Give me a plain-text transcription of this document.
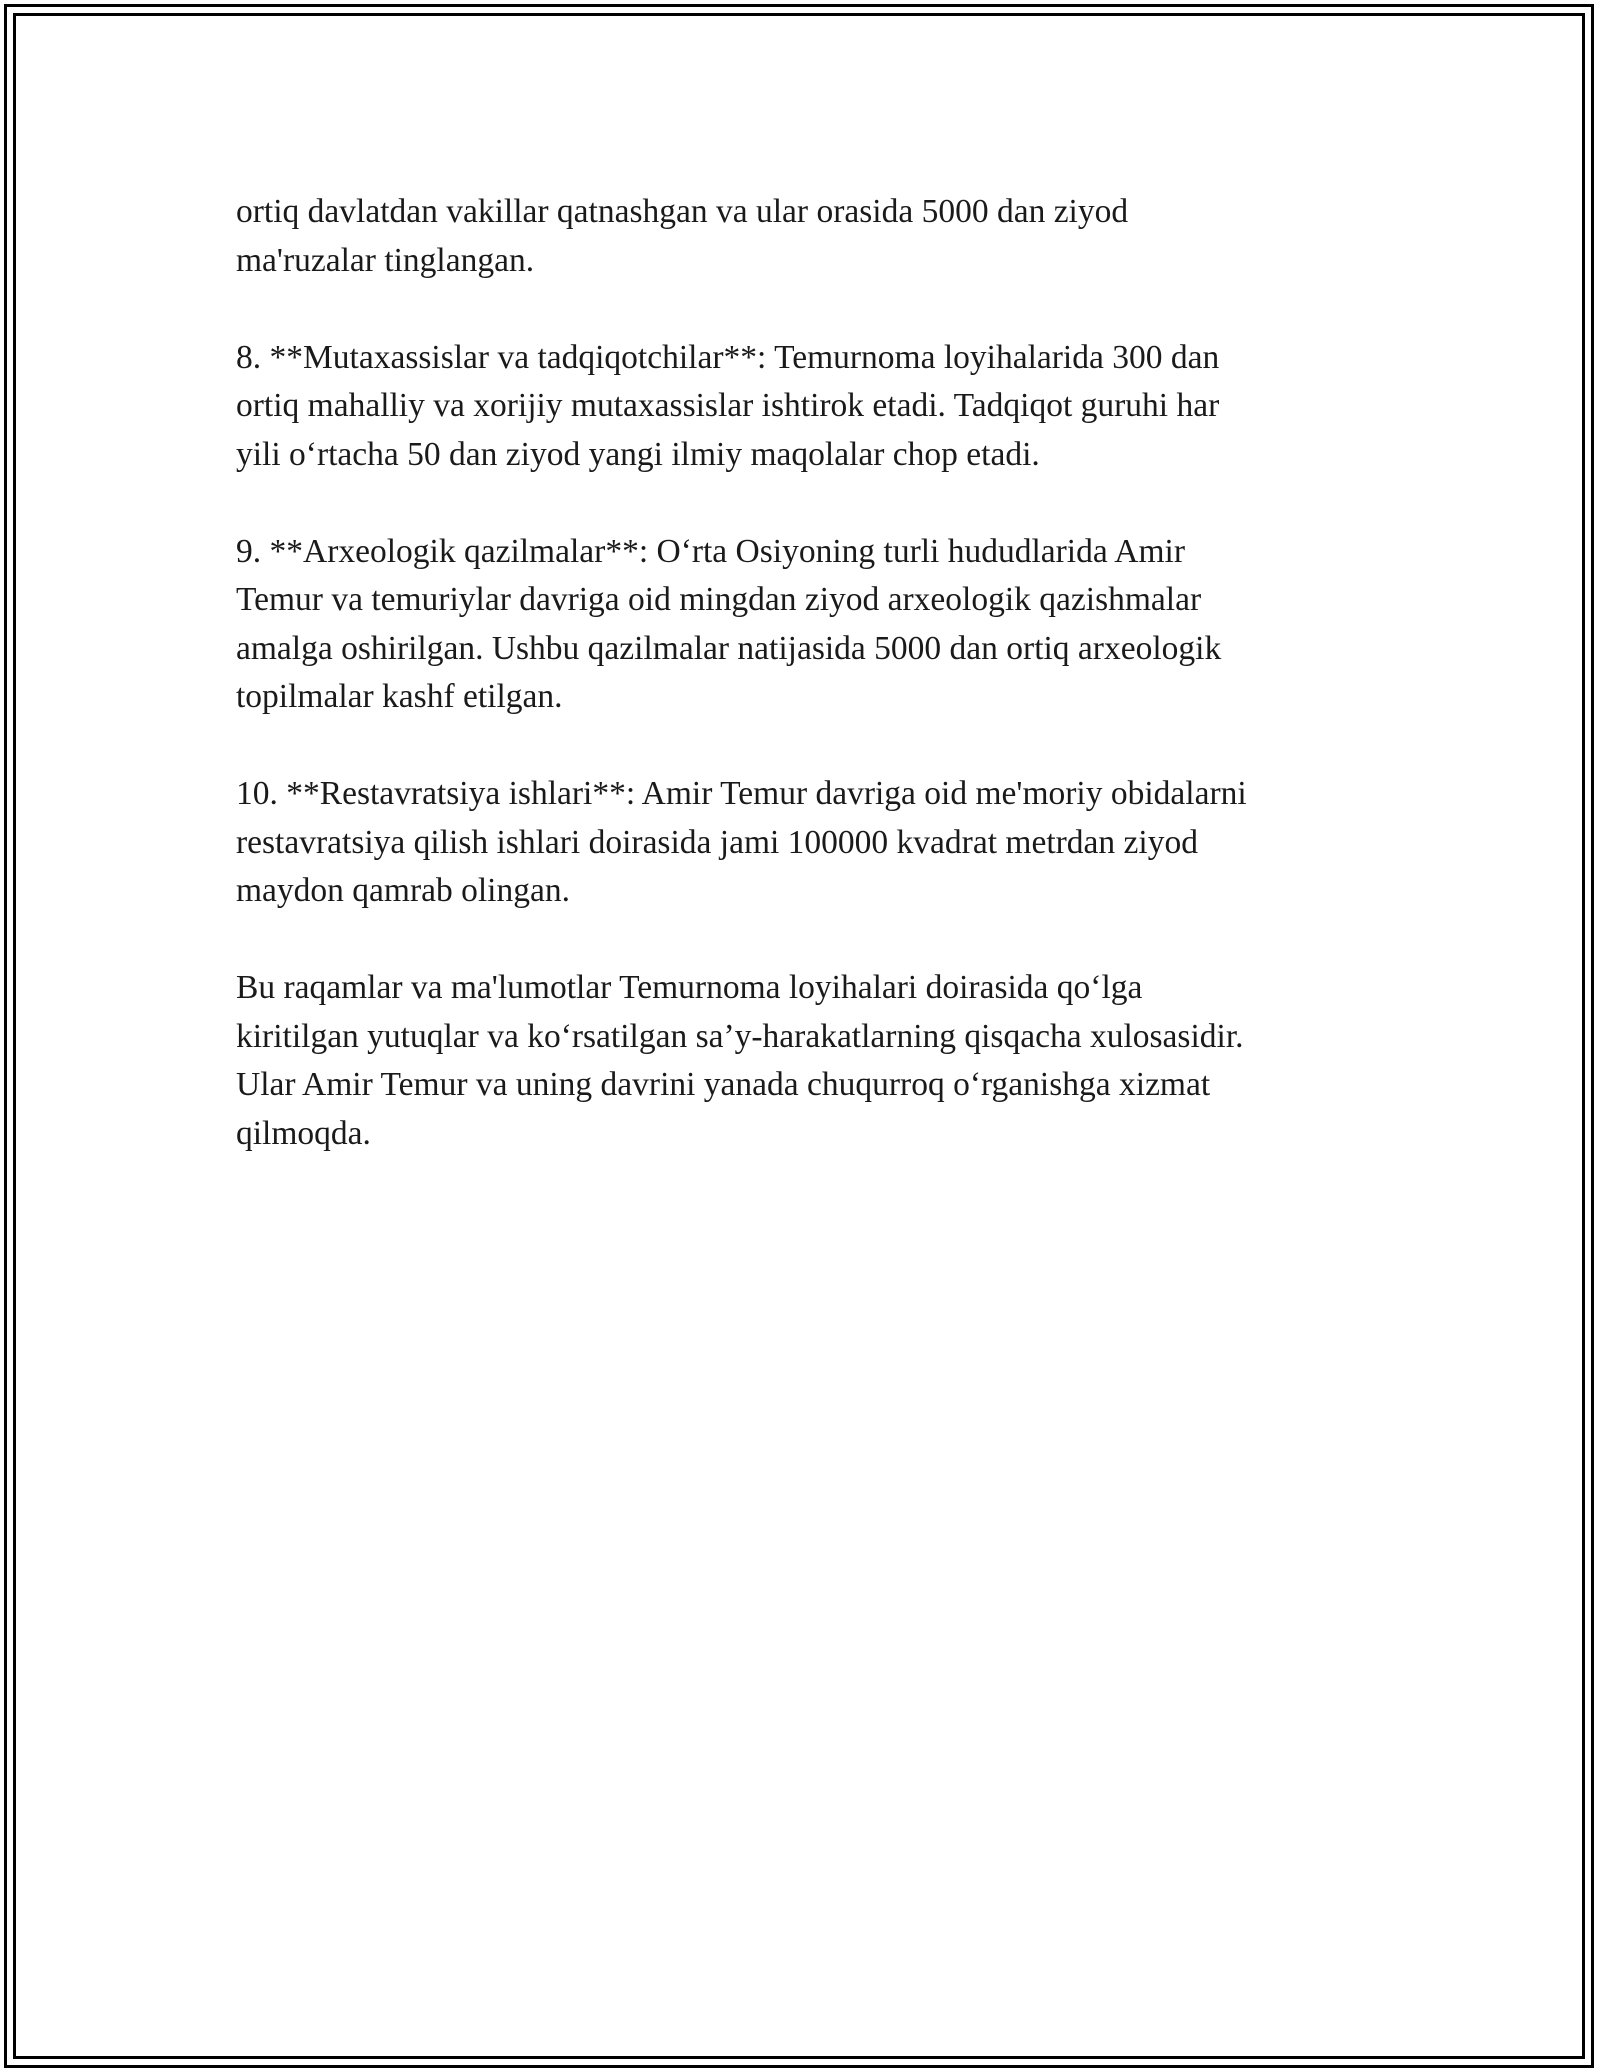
ortiq davlatdan vakillar qatnashgan va ular orasida 5000 dan ziyod
ma'ruzalar tinglangan.

8. **Mutaxassislar va tadqiqotchilar**: Temurnoma loyihalarida 300 dan
ortiq mahalliy va xorijiy mutaxassislar ishtirok etadi. Tadqiqot guruhi har
yili o‘rtacha 50 dan ziyod yangi ilmiy maqolalar chop etadi.

9. **Arxeologik qazilmalar**: O‘rta Osiyoning turli hududlarida Amir
Temur va temuriylar davriga oid mingdan ziyod arxeologik qazishmalar
amalga oshirilgan. Ushbu qazilmalar natijasida 5000 dan ortiq arxeologik
topilmalar kashf etilgan.

10. **Restavratsiya ishlari**: Amir Temur davriga oid me'moriy obidalarni
restavratsiya qilish ishlari doirasida jami 100000 kvadrat metrdan ziyod
maydon qamrab olingan.

Bu raqamlar va ma'lumotlar Temurnoma loyihalari doirasida qo‘lga
kiritilgan yutuqlar va ko‘rsatilgan sa’y-harakatlarning qisqacha xulosasidir.
Ular Amir Temur va uning davrini yanada chuqurroq o‘rganishga xizmat
qilmoqda.
